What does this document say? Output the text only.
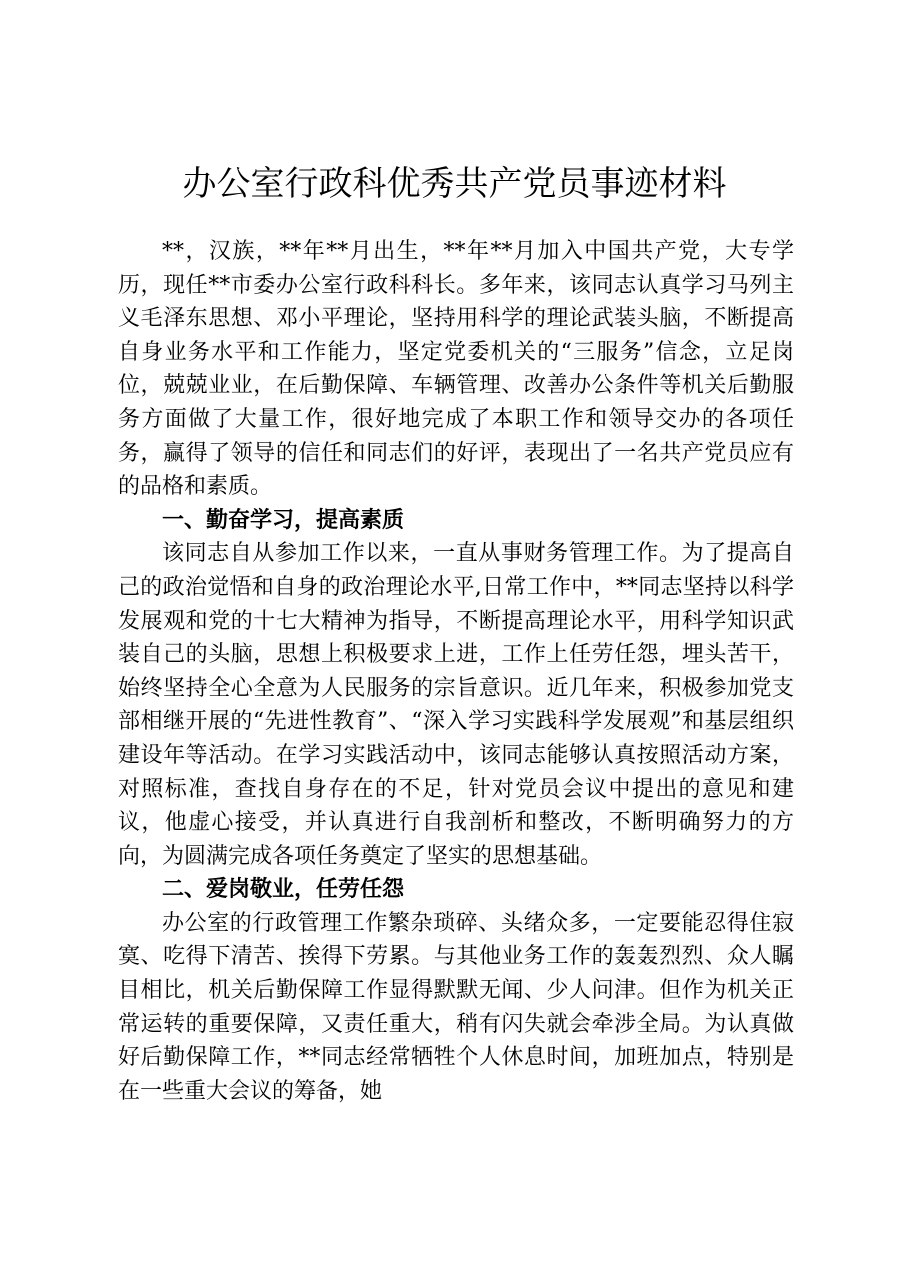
办公室行政科优秀共产党员事迹材料

**，汉族，**年**月出生，**年**月加入中国共产党，大专学历，现任**市委办公室行政科科长。多年来，该同志认真学习马列主义毛泽东思想、邓小平理论，坚持用科学的理论武装头脑，不断提高自身业务水平和工作能力，坚定党委机关的“三服务”信念，立足岗位，兢兢业业，在后勤保障、车辆管理、改善办公条件等机关后勤服务方面做了大量工作，很好地完成了本职工作和领导交办的各项任务，赢得了领导的信任和同志们的好评，表现出了一名共产党员应有的品格和素质。

一、勤奋学习，提高素质

该同志自从参加工作以来，一直从事财务管理工作。为了提高自己的政治觉悟和自身的政治理论水平,日常工作中，**同志坚持以科学发展观和党的十七大精神为指导，不断提高理论水平，用科学知识武装自己的头脑，思想上积极要求上进，工作上任劳任怨，埋头苦干，始终坚持全心全意为人民服务的宗旨意识。近几年来，积极参加党支部相继开展的“先进性教育”、“深入学习实践科学发展观”和基层组织建设年等活动。在学习实践活动中，该同志能够认真按照活动方案，对照标准，查找自身存在的不足，针对党员会议中提出的意见和建议，他虚心接受，并认真进行自我剖析和整改，不断明确努力的方向，为圆满完成各项任务奠定了坚实的思想基础。

二、爱岗敬业，任劳任怨

办公室的行政管理工作繁杂琐碎、头绪众多，一定要能忍得住寂寞、吃得下清苦、挨得下劳累。与其他业务工作的轰轰烈烈、众人瞩目相比，机关后勤保障工作显得默默无闻、少人问津。但作为机关正常运转的重要保障，又责任重大，稍有闪失就会牵涉全局。为认真做好后勤保障工作，**同志经常牺牲个人休息时间，加班加点，特别是在一些重大会议的筹备，她
